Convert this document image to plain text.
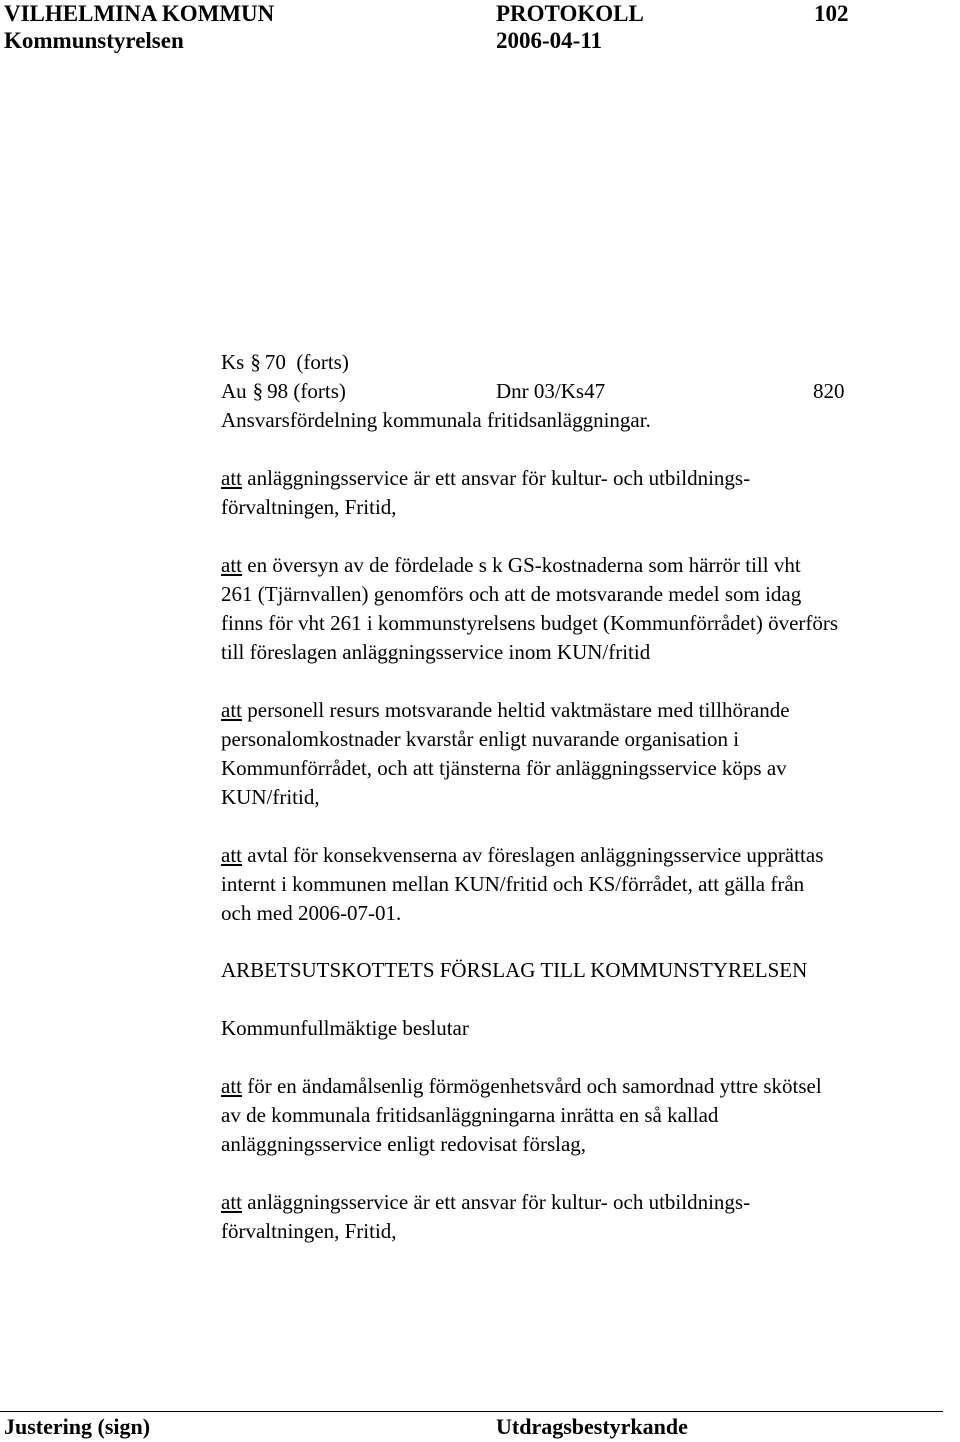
VILHELMINA KOMMUN	PROTOKOLL	102
Kommunstyrelsen	2006-04-11
Ks § 70 (forts)
Au § 98 (forts)	Dnr 03/Ks47	820
Ansvarsfördelning kommunala fritidsanläggningar.
att anläggningsservice är ett ansvar för kultur- och utbildnings-
förvaltningen, Fritid,
att en översyn av de fördelade s k GS-kostnaderna som härrör till vht
261 (Tjärnvallen) genomförs och att de motsvarande medel som idag
finns för vht 261 i kommunstyrelsens budget (Kommunförrådet) överförs
till föreslagen anläggningsservice inom KUN/fritid
att personell resurs motsvarande heltid vaktmästare med tillhörande
personalomkostnader kvarstår enligt nuvarande organisation i
Kommunförrådet, och att tjänsterna för anläggningsservice köps av
KUN/fritid,
att avtal för konsekvenserna av föreslagen anläggningsservice upprättas
internt i kommunen mellan KUN/fritid och KS/förrådet, att gälla från
och med 2006-07-01.
ARBETSUTSKOTTETS FÖRSLAG TILL KOMMUNSTYRELSEN
Kommunfullmäktige beslutar
att för en ändamålsenlig förmögenhetsvård och samordnad yttre skötsel
av de kommunala fritidsanläggningarna inrätta en så kallad
anläggningsservice enligt redovisat förslag,
att anläggningsservice är ett ansvar för kultur- och utbildnings-
förvaltningen, Fritid,
Justering (sign)	Utdragsbestyrkande
